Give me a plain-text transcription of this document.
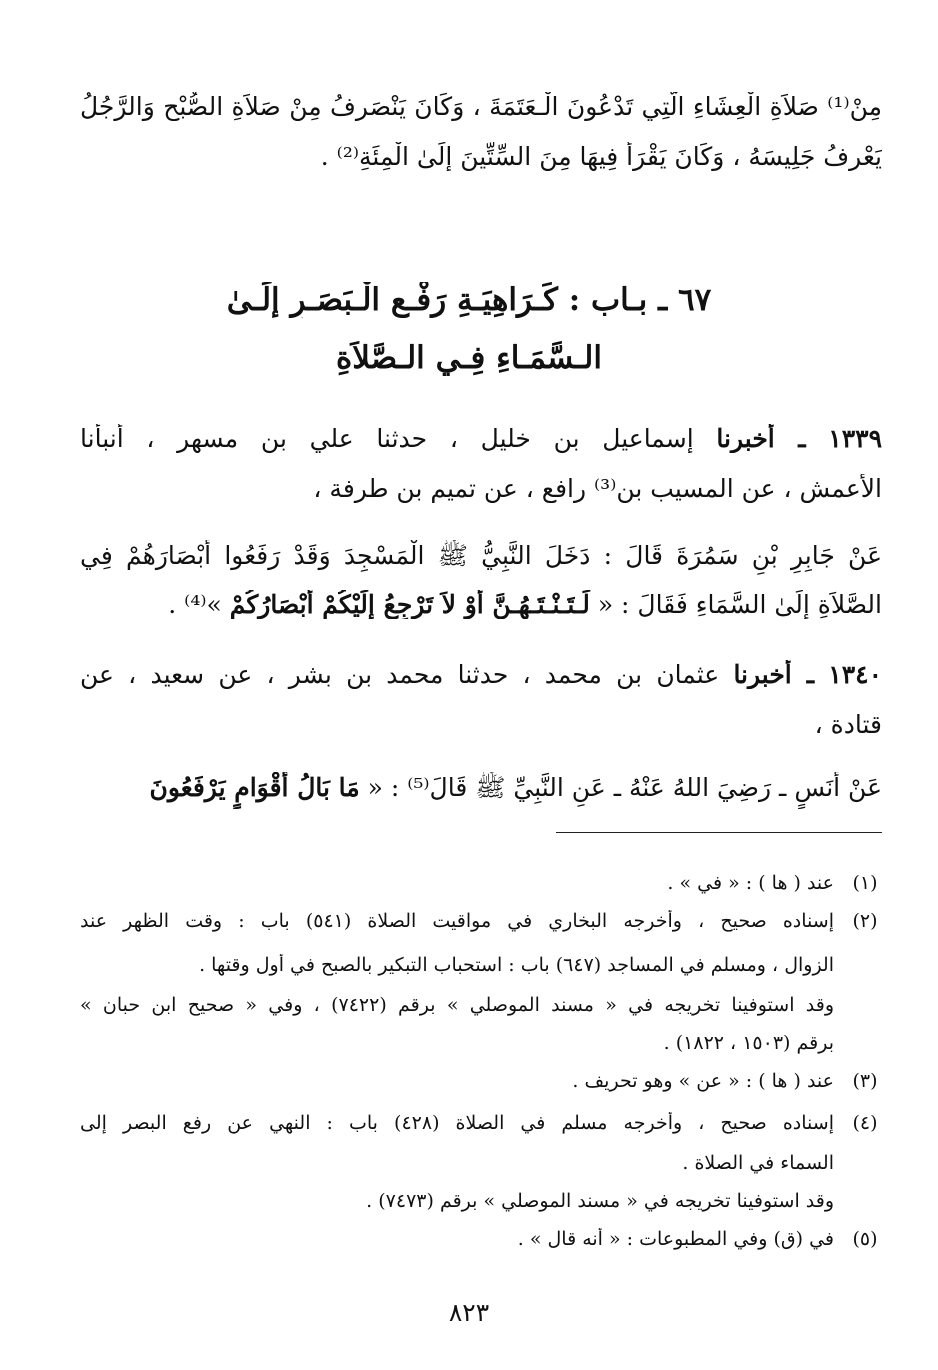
مِنْ⁽¹⁾ صَلاَةِ الْعِشَاءِ الَّتِي تَدْعُونَ الْـعَتَمَةَ ، وَكَانَ يَنْصَرِفُ مِنْ صَلاَةِ الصُّبْحِ وَالرَّجُلُ
يَعْرِفُ جَلِيسَهُ ، وَكَانَ يَقْرَأُ فِيهَا مِنَ السِّتِّينَ إِلَىٰ الْمِئَةِ⁽²⁾ .
٦٧ ـ بـاب : كَـرَاهِيَـةِ رَفْـعِ الْـبَصَـرِ إِلَـىٰ
الـسَّمَـاءِ فِـي الـصَّلاَةِ
١٣٣٩ ـ أخبرنا إسماعيل بن خليل ، حدثنا علي بن مسهر ، أنبأنا
الأعمش ، عن المسيب بن⁽³⁾ رافع ، عن تميم بن طرفة ،
عَنْ جَابِرِ بْنِ سَمُرَةَ قَالَ : دَخَلَ النَّبِيُّ ﷺ الْمَسْجِدَ وَقَدْ رَفَعُوا أَبْصَارَهُمْ فِي
الصَّلاَةِ إِلَىٰ السَّمَاءِ فَقَالَ : « لَـتَـنْـتَـهُـنَّ أَوْ لاَ تَرْجِعُ إِلَيْكُمْ أَبْصَارُكُمْ »⁽⁴⁾ .
١٣٤٠ ـ أخبرنا عثمان بن محمد ، حدثنا محمد بن بشر ، عن سعيد ، عن
قتادة ،
عَنْ أَنَسٍ ـ رَضِيَ اللهُ عَنْهُ ـ عَنِ النَّبِيِّ ﷺ قَالَ⁽⁵⁾ : « مَا بَالُ أَقْوَامٍ يَرْفَعُونَ
(١)
عند ( ها ) : « في » .
(٢)
إسناده صحيح ، وأخرجه البخاري في مواقيت الصلاة (٥٤١) باب : وقت الظهر عند
الزوال ، ومسلم في المساجد (٦٤٧) باب : استحباب التبكير بالصبح في أول وقتها .
وقد استوفينا تخريجه في « مسند الموصلي » برقم (٧٤٢٢) ، وفي « صحيح ابن حبان »
برقم (١٥٠٣ ، ١٨٢٢) .
(٣)
عند ( ها ) : « عن » وهو تحريف .
(٤)
إسناده صحيح ، وأخرجه مسلم في الصلاة (٤٢٨) باب : النهي عن رفع البصر إلى
السماء في الصلاة .
وقد استوفينا تخريجه في « مسند الموصلي » برقم (٧٤٧٣) .
(٥)
في (ق) وفي المطبوعات : « أنه قال » .
٨٢٣
